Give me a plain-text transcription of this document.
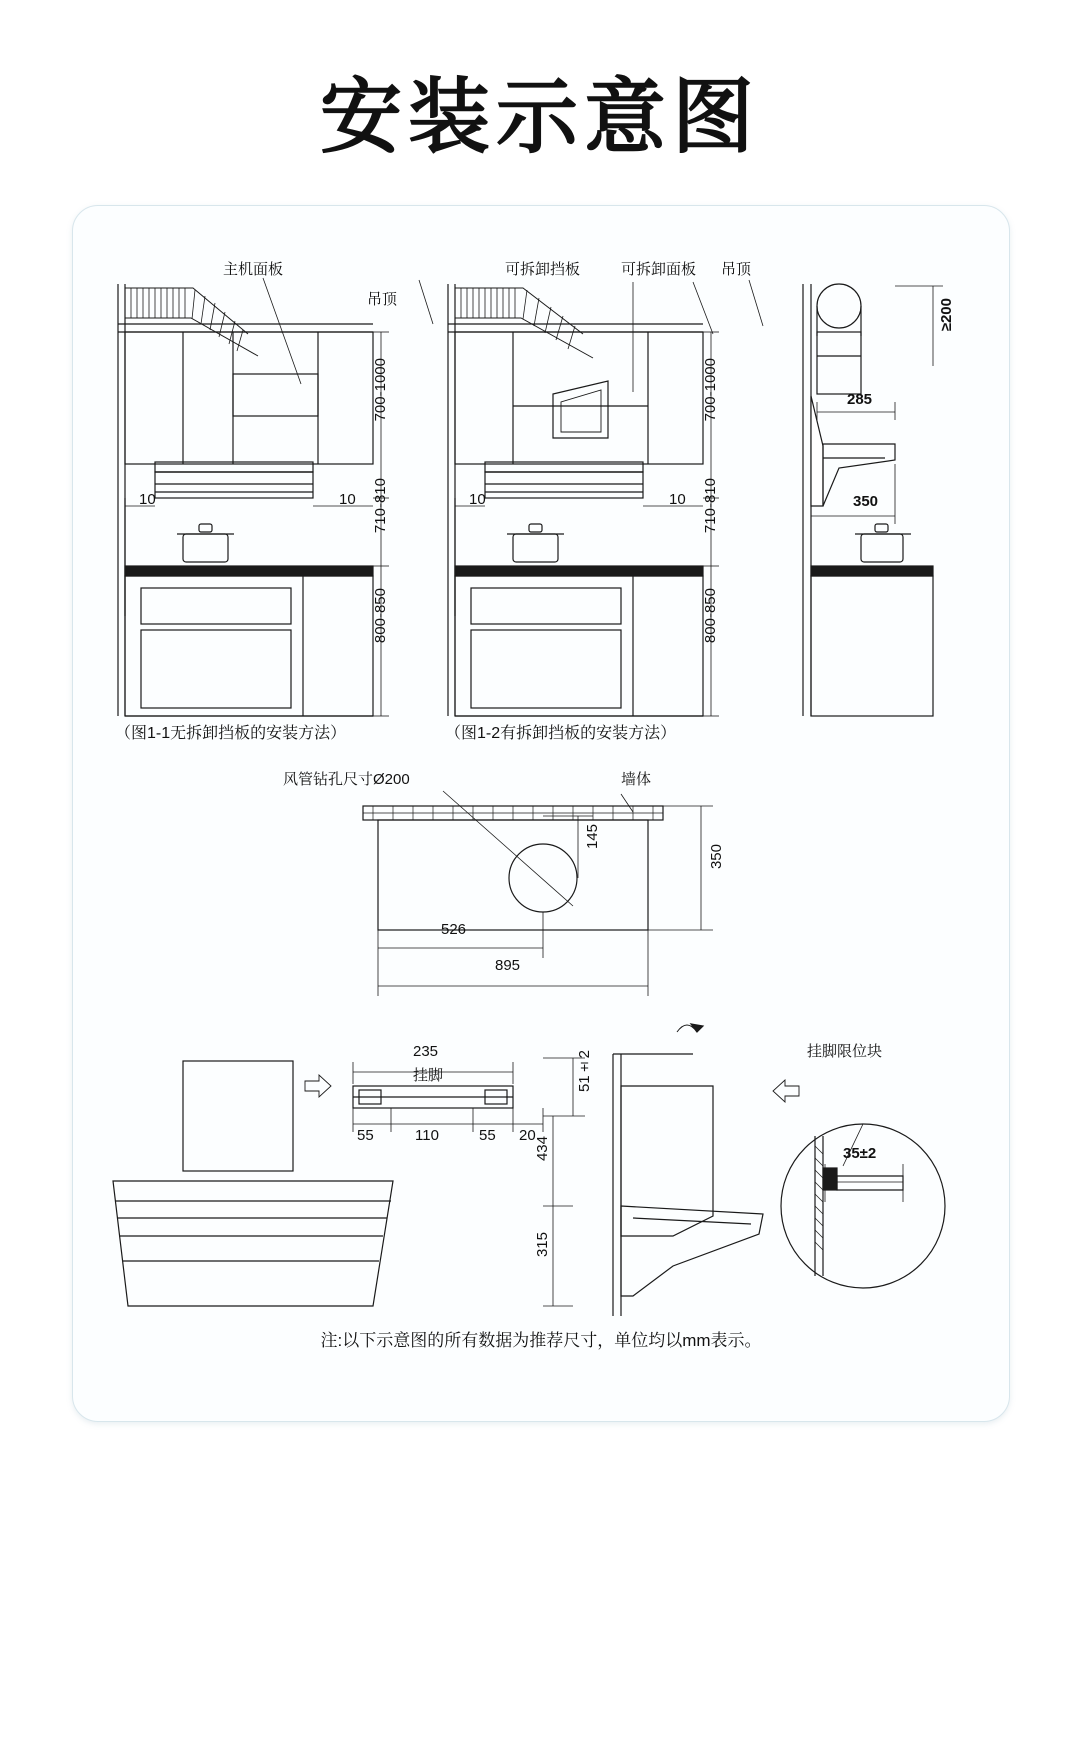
安装示意图
主机面板
吊顶
10	10
700-1000
710-810
800-850
（图1-1无拆卸挡板的安装方法）
可拆卸挡板	可拆卸面板 吊顶
10	10
700-1000
710-810
800-850
（图1-2有拆卸挡板的安装方法）
≥200
285
350
风管钻孔尺寸Ø200	墙体
145
350
526
895
235
挂脚
55	110	55 20
51±2
434
315
挂脚限位块
35±2
注:以下示意图的所有数据为推荐尺寸，单位均以mm表示。
